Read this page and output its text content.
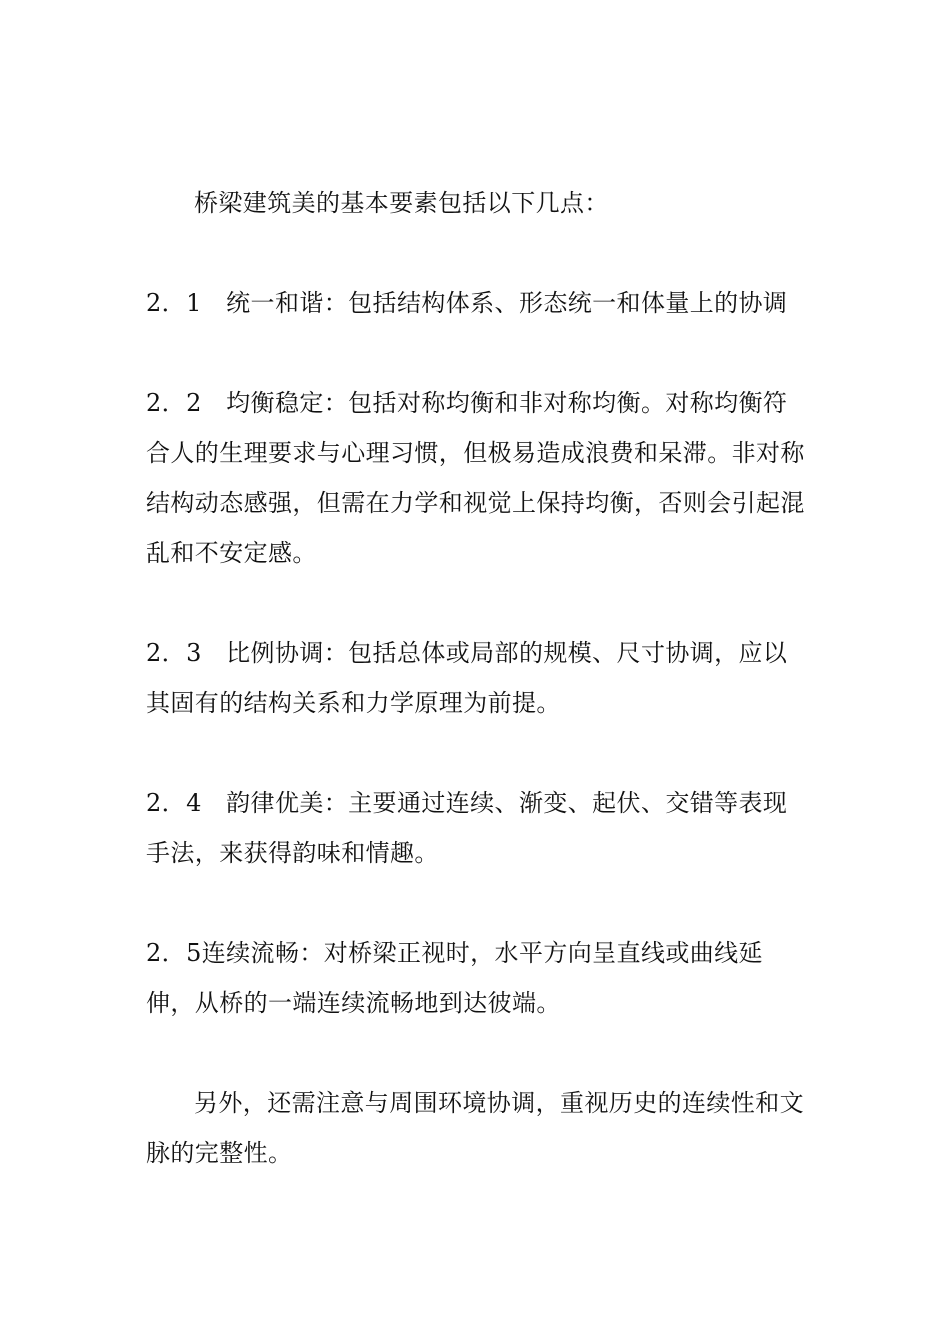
桥梁建筑美的基本要素包括以下几点：

2．1　统一和谐：包括结构体系、形态统一和体量上的协调

2．2　均衡稳定：包括对称均衡和非对称均衡。对称均衡符合人的生理要求与心理习惯，但极易造成浪费和呆滞。非对称结构动态感强，但需在力学和视觉上保持均衡，否则会引起混乱和不安定感。

2．3　比例协调：包括总体或局部的规模、尺寸协调，应以其固有的结构关系和力学原理为前提。

2．4　韵律优美：主要通过连续、渐变、起伏、交错等表现手法，来获得韵味和情趣。

2．5连续流畅：对桥梁正视时，水平方向呈直线或曲线延伸，从桥的一端连续流畅地到达彼端。

另外，还需注意与周围环境协调，重视历史的连续性和文脉的完整性。
